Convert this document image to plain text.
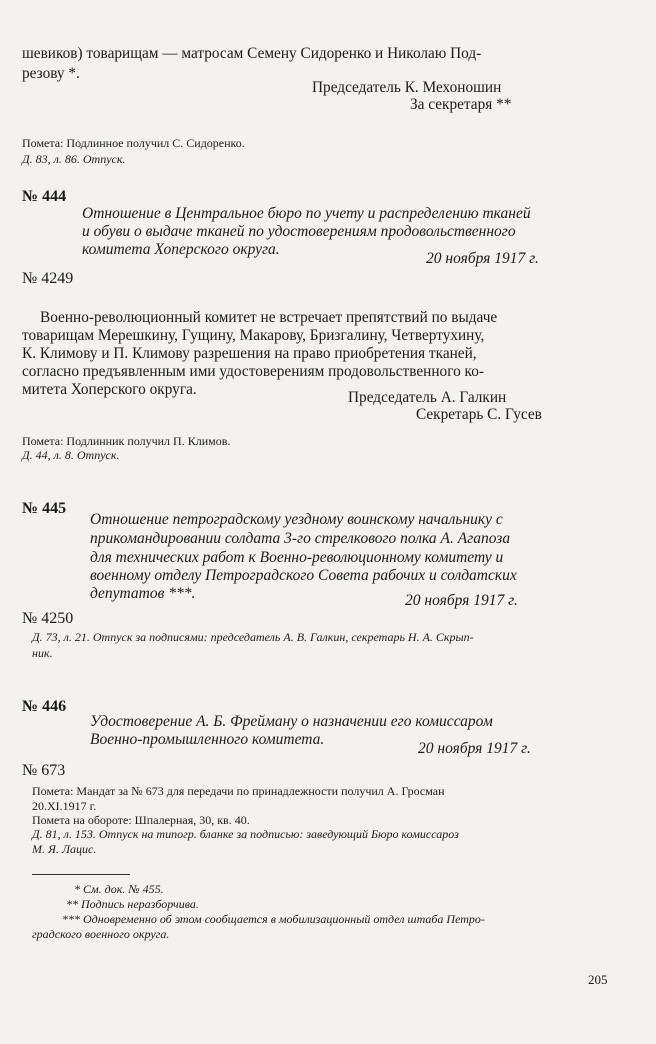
шевиков) товарищам — матросам Семену Сидоренко и Николаю Под-
резову *.
Председатель К. Мехоношин
За секретаря **
Помета: Подлинное получил С. Сидоренко.
Д. 83, л. 86. Отпуск.
№ 444
Отношение в Центральное бюро по учету и распределению тканей
и обуви о выдаче тканей по удостоверениям продовольственного
комитета Хоперского округа.
20 ноября 1917 г.
№ 4249
Военно-революционный комитет не встречает препятствий по выдаче
товарищам Мерешкину, Гущину, Макарову, Бризгалину, Четвертухину,
К. Климову и П. Климову разрешения на право приобретения тканей,
согласно предъявленным ими удостоверениям продовольственного ко-
митета Хоперского округа.	Председатель А. Галкин
Секретарь С. Гусев
Помета: Подлинник получил П. Климов.
Д. 44, л. 8. Отпуск.
№ 445
Отношение петроградскому уездному воинскому начальнику с
прикомандировании солдата 3-го стрелкового полка А. Агапоза
для технических работ к Военно-революционному комитету и
военному отделу Петроградского Совета рабочих и солдатских
депутатов ***.	20 ноября 1917 г.
№ 4250
Д. 73, л. 21. Отпуск за подписями: председатель А. В. Галкин, секретарь Н. А. Скрып-
ник.
№ 446
Удостоверение А. Б. Фрейману о назначении его комиссаром
Военно-промышленного комитета.
20 ноября 1917 г.
№ 673
Помета: Мандат за № 673 для передачи по принадлежности получил А. Гросман
20.XI.1917 г.
Помета на обороте: Шпалерная, 30, кв. 40.
Д. 81, л. 153. Отпуск на типогр. бланке за подписью: заведующий Бюро комиссароз
М. Я. Лацис.
* См. док. № 455.
** Подпись неразборчива.
*** Одновременно об этом сообщается в мобилизационный отдел штаба Петро-
градского военного округа.
205
